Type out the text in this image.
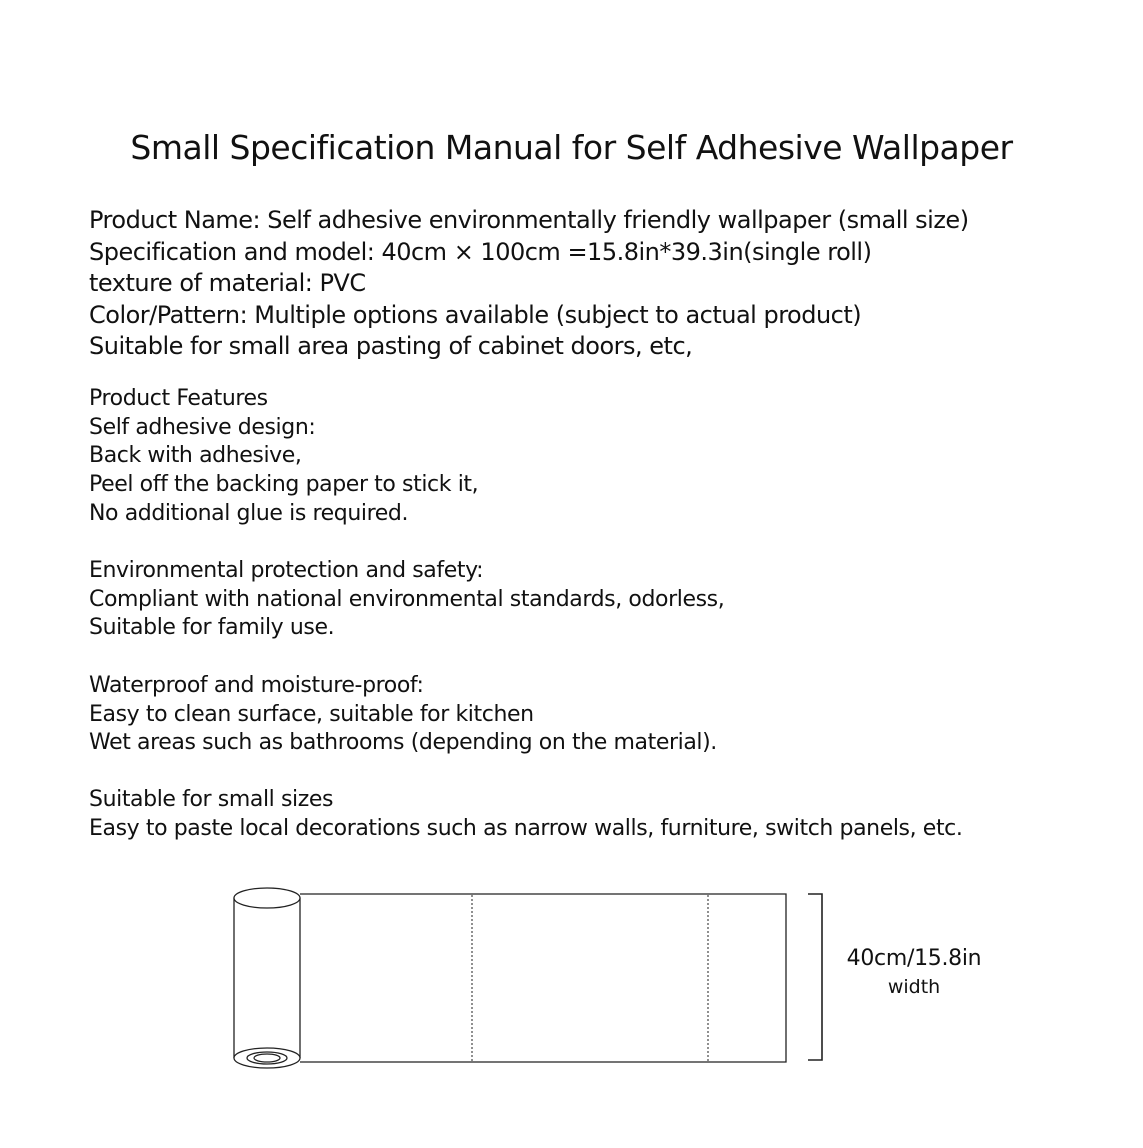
Small Specification Manual for Self Adhesive Wallpaper
Product Name: Self adhesive environmentally friendly wallpaper (small size)
Specification and model: 40cm × 100cm =15.8in*39.3in(single roll)
texture of material: PVC
Color/Pattern: Multiple options available (subject to actual product)
Suitable for small area pasting of cabinet doors, etc,
Product Features
Self adhesive design:
Back with adhesive,
Peel off the backing paper to stick it,
No additional glue is required.
Environmental protection and safety:
Compliant with national environmental standards, odorless,
Suitable for family use.
Waterproof and moisture-proof:
Easy to clean surface, suitable for kitchen
Wet areas such as bathrooms (depending on the material).
Suitable for small sizes
Easy to paste local decorations such as narrow walls, furniture, switch panels, etc.
40cm/15.8in
width
